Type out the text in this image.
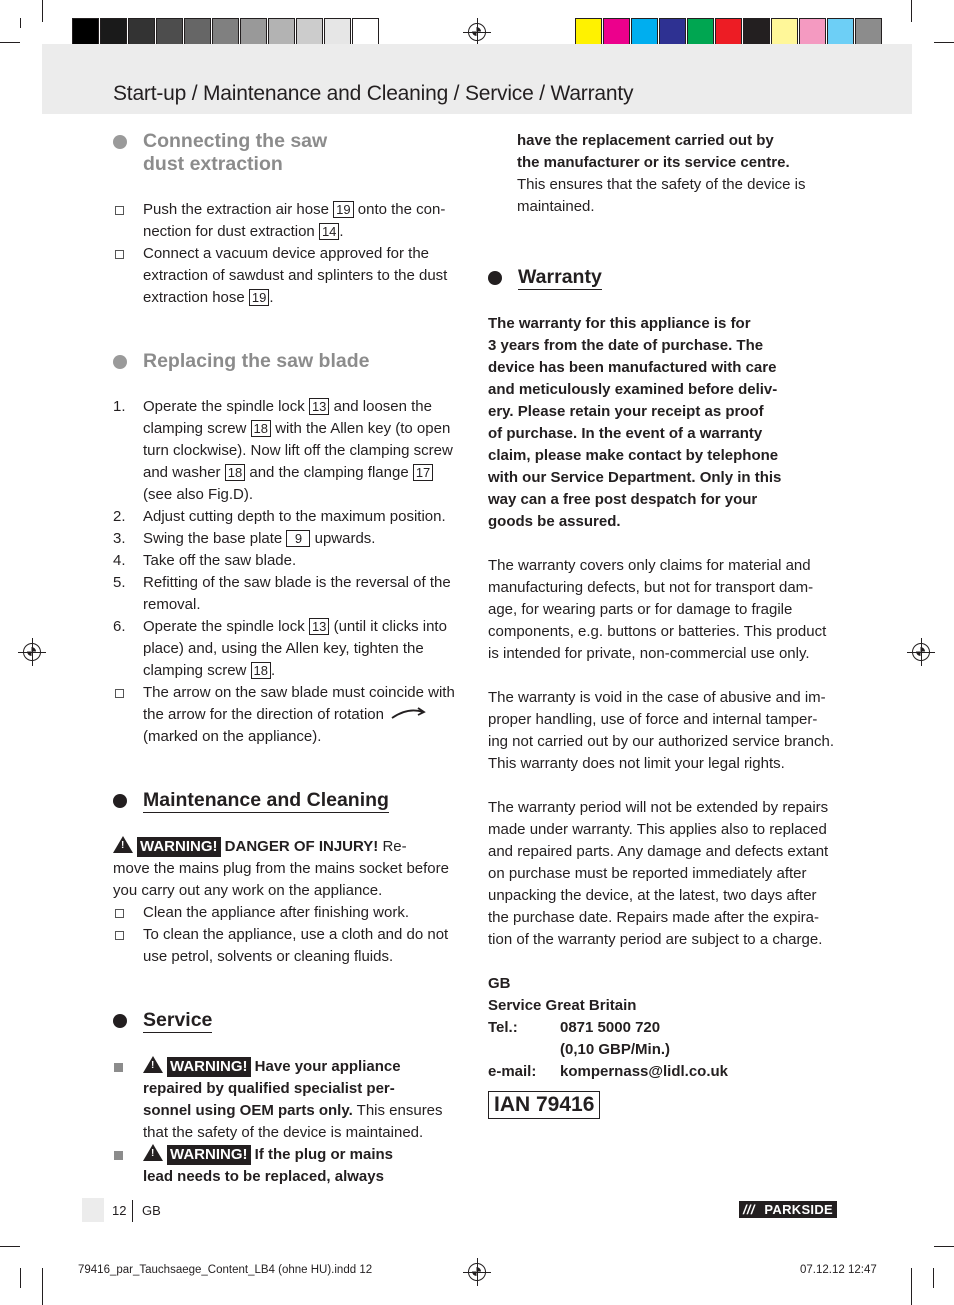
Start-up / Maintenance and Cleaning / Service / Warranty
Connecting the saw
dust extraction
Push the extraction air hose 19 onto the con-
nection for dust extraction 14 .
Connect a vacuum device approved for the
extraction of sawdust and splinters to the dust
extraction hose 19 .
Replacing the saw blade
1.	Operate the spindle lock 13 and loosen the
clamping screw 18 with the Allen key (to open
turn clockwise). Now lift off the clamping screw
and washer 18 and the clamping flange 17
(see also Fig.D).
2.	Adjust cutting depth to the maximum position.
3.	Swing the base plate 9 upwards.
4.	Take off the saw blade.
5.	Refitting of the saw blade is the reversal of the
removal.
6.	Operate the spindle lock 13 (until it clicks into
place) and, using the Allen key, tighten the
clamping screw 18 .
The arrow on the saw blade must coincide with
the arrow for the direction of rotation
(marked on the appliance).
Maintenance and Cleaning
!WARNING! DANGER OF INJURY! Re-
move the mains plug from the mains socket before
you carry out any work on the appliance.
Clean the appliance after finishing work.
To clean the appliance, use a cloth and do not
use petrol, solvents or cleaning fluids.
Service
!WARNING! Have your appliance
repaired by qualified specialist per-
sonnel using OEM parts only. This ensures
that the safety of the device is maintained.
!WARNING! If the plug or mains
lead needs to be replaced, always

have the replacement carried out by
the manufacturer or its service centre.

This ensures that the safety of the device is
maintained.

Warranty

The warranty for this appliance is for
3 years from the date of purchase. The
device has been manufactured with care
and meticulously examined before deliv-
ery. Please retain your receipt as proof
of purchase. In the event of a warranty
claim, please make contact by telephone
with our Service Department. Only in this
way can a free post despatch for your
goods be assured.

The warranty covers only claims for material and
manufacturing defects, but not for transport dam-
age, for wearing parts or for damage to fragile
components, e.g. buttons or batteries. This product
is intended for private, non-commercial use only.

The warranty is void in the case of abusive and im-
proper handling, use of force and internal tamper-
ing not carried out by our authorized service branch.
This warranty does not limit your legal rights.

The warranty period will not be extended by repairs
made under warranty. This applies also to replaced
and repaired parts. Any damage and defects extant
on purchase must be reported immediately after
unpacking the device, at the latest, two days after
the purchase date. Repairs made after the expira-
tion of the warranty period are subject to a charge.

GB
Service Great Britain
Tel.:	0871 5000 720
(0,10 GBP/Min.)
e-mail:	kompernass@lidl.co.uk
IAN 79416
12 GB	/// PARKSIDE
79416_par_Tauchsaege_Content_LB4 (ohne HU).indd 12	07.12.12 12:47
